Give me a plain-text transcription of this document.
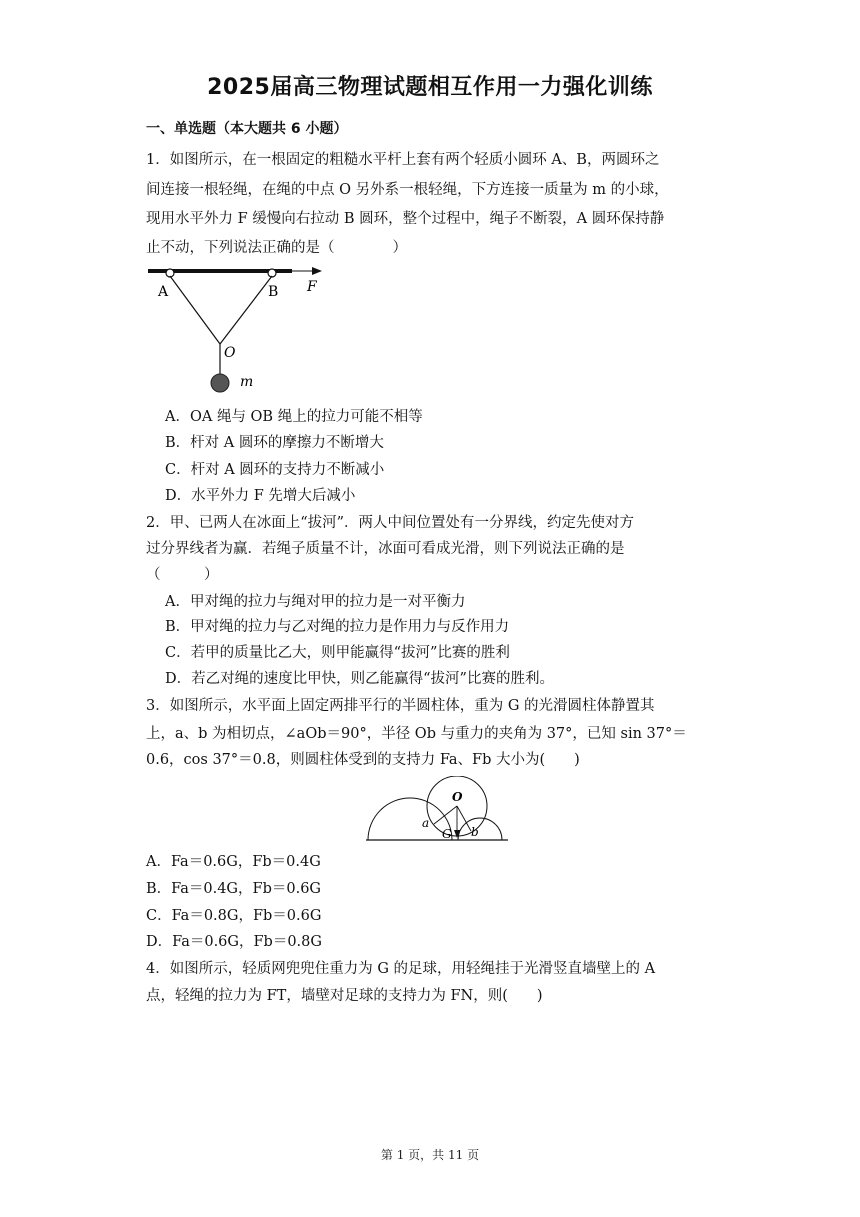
2025届高三物理试题相互作用一力强化训练
一、单选题（本大题共 6 小题）
1．如图所示，在一根固定的粗糙水平杆上套有两个轻质小圆环 A、B，两圆环之
间连接一根轻绳，在绳的中点 O 另外系一根轻绳，下方连接一质量为 m 的小球，
现用水平外力 F 缓慢向右拉动 B 圆环，整个过程中，绳子不断裂，A 圆环保持静
止不动，下列说法正确的是（　　　　）
A	B F
O
m
A．OA 绳与 OB 绳上的拉力可能不相等
B．杆对 A 圆环的摩擦力不断增大
C．杆对 A 圆环的支持力不断减小
D．水平外力 F 先增大后减小
2．甲、已两人在冰面上“拔河”．两人中间位置处有一分界线，约定先使对方
过分界线者为赢．若绳子质量不计，冰面可看成光滑，则下列说法正确的是
（　　　）
A．甲对绳的拉力与绳对甲的拉力是一对平衡力
B．甲对绳的拉力与乙对绳的拉力是作用力与反作用力
C．若甲的质量比乙大，则甲能赢得“拔河”比赛的胜利
D．若乙对绳的速度比甲快，则乙能赢得“拔河”比赛的胜利。
3．如图所示，水平面上固定两排平行的半圆柱体，重为 G 的光滑圆柱体静置其
上，a、b 为相切点，∠aOb＝90°，半径 Ob 与重力的夹角为 37°，已知 sin 37°＝
0.6，cos 37°＝0.8，则圆柱体受到的支持力 Fa、Fb 大小为(　　)
O
a
b
G
A．Fa＝0.6G，Fb＝0.4G
B．Fa＝0.4G，Fb＝0.6G
C．Fa＝0.8G，Fb＝0.6G
D．Fa＝0.6G，Fb＝0.8G
4．如图所示，轻质网兜兜住重力为 G 的足球，用轻绳挂于光滑竖直墙壁上的 A
点，轻绳的拉力为 FT，墙壁对足球的支持力为 FN，则(　　)
第 1 页，共 11 页
